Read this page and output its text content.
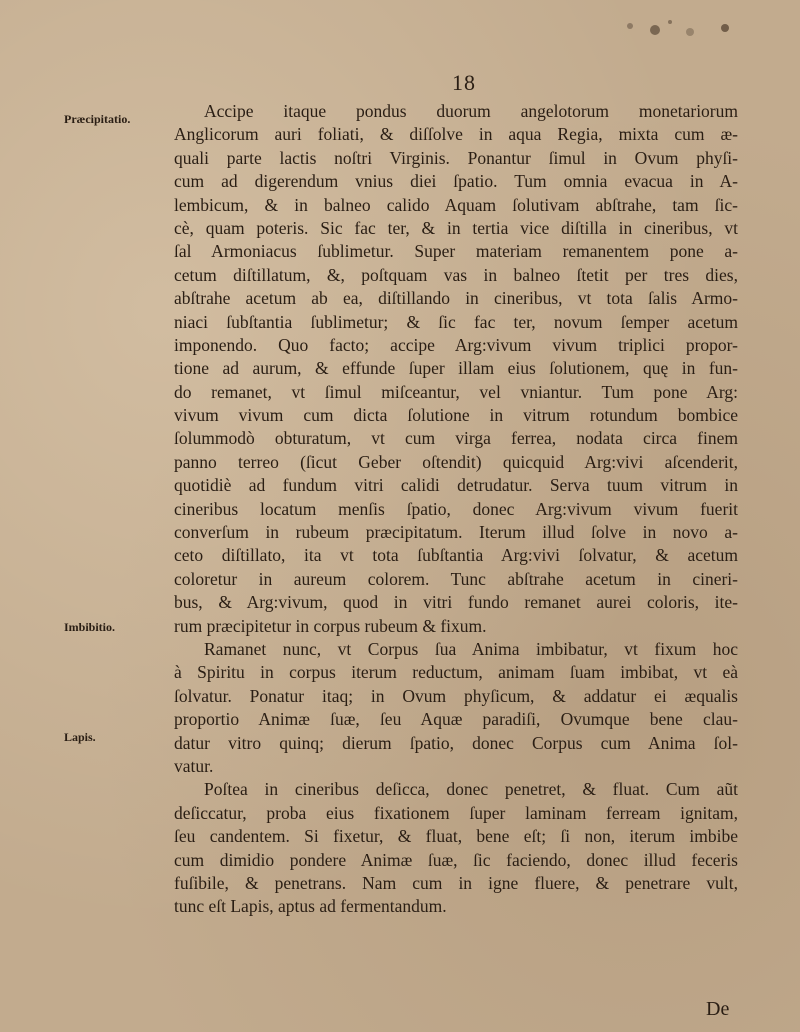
18
Præcipitatio.
Imbibitio.
Lapis.
Accipe itaque pondus duorum angelotorum monetariorum
Anglicorum auri foliati, & diſſolve in aqua Regia, mixta cum æ-
quali parte lactis noſtri Virginis. Ponantur ſimul in Ovum phyſi-
cum ad digerendum vnius diei ſpatio. Tum omnia evacua in A-
lembicum, & in balneo calido Aquam ſolutivam abſtrahe, tam ſic-
cè, quam poteris. Sic fac ter, & in tertia vice diſtilla in cineribus, vt
ſal Armoniacus ſublimetur. Super materiam remanentem pone a-
cetum diſtillatum, &, poſtquam vas in balneo ſtetit per tres dies,
abſtrahe acetum ab ea, diſtillando in cineribus, vt tota ſalis Armo-
niaci ſubſtantia ſublimetur; & ſic fac ter, novum ſemper acetum
imponendo. Quo facto; accipe Arg:vivum vivum triplici propor-
tione ad aurum, & effunde ſuper illam eius ſolutionem, quę in fun-
do remanet, vt ſimul miſceantur, vel vniantur. Tum pone Arg:
vivum vivum cum dicta ſolutione in vitrum rotundum bombice
ſolummodò obturatum, vt cum virga ferrea, nodata circa finem
panno terreo (ſicut Geber oſtendit) quicquid Arg:vivi aſcenderit,
quotidiè ad fundum vitri calidi detrudatur. Serva tuum vitrum in
cineribus locatum menſis ſpatio, donec Arg:vivum vivum fuerit
converſum in rubeum præcipitatum. Iterum illud ſolve in novo a-
ceto diſtillato, ita vt tota ſubſtantia Arg:vivi ſolvatur, & acetum
coloretur in aureum colorem. Tunc abſtrahe acetum in cineri-
bus, & Arg:vivum, quod in vitri fundo remanet aurei coloris, ite-
rum præcipitetur in corpus rubeum & fixum.
Ramanet nunc, vt Corpus ſua Anima imbibatur, vt fixum hoc
à Spiritu in corpus iterum reductum, animam ſuam imbibat, vt eà
ſolvatur. Ponatur itaq; in Ovum phyſicum, & addatur ei æqualis
proportio Animæ ſuæ, ſeu Aquæ paradiſi, Ovumque bene clau-
datur vitro quinq; dierum ſpatio, donec Corpus cum Anima ſol-
vatur.
Poſtea in cineribus deſicca, donec penetret, & fluat. Cum aũt
deſiccatur, proba eius fixationem ſuper laminam ferream ignitam,
ſeu candentem. Si fixetur, & fluat, bene eſt; ſi non, iterum imbibe
cum dimidio pondere Animæ ſuæ, ſic faciendo, donec illud feceris
fuſibile, & penetrans. Nam cum in igne fluere, & penetrare vult,
tunc eſt Lapis, aptus ad fermentandum.
De
